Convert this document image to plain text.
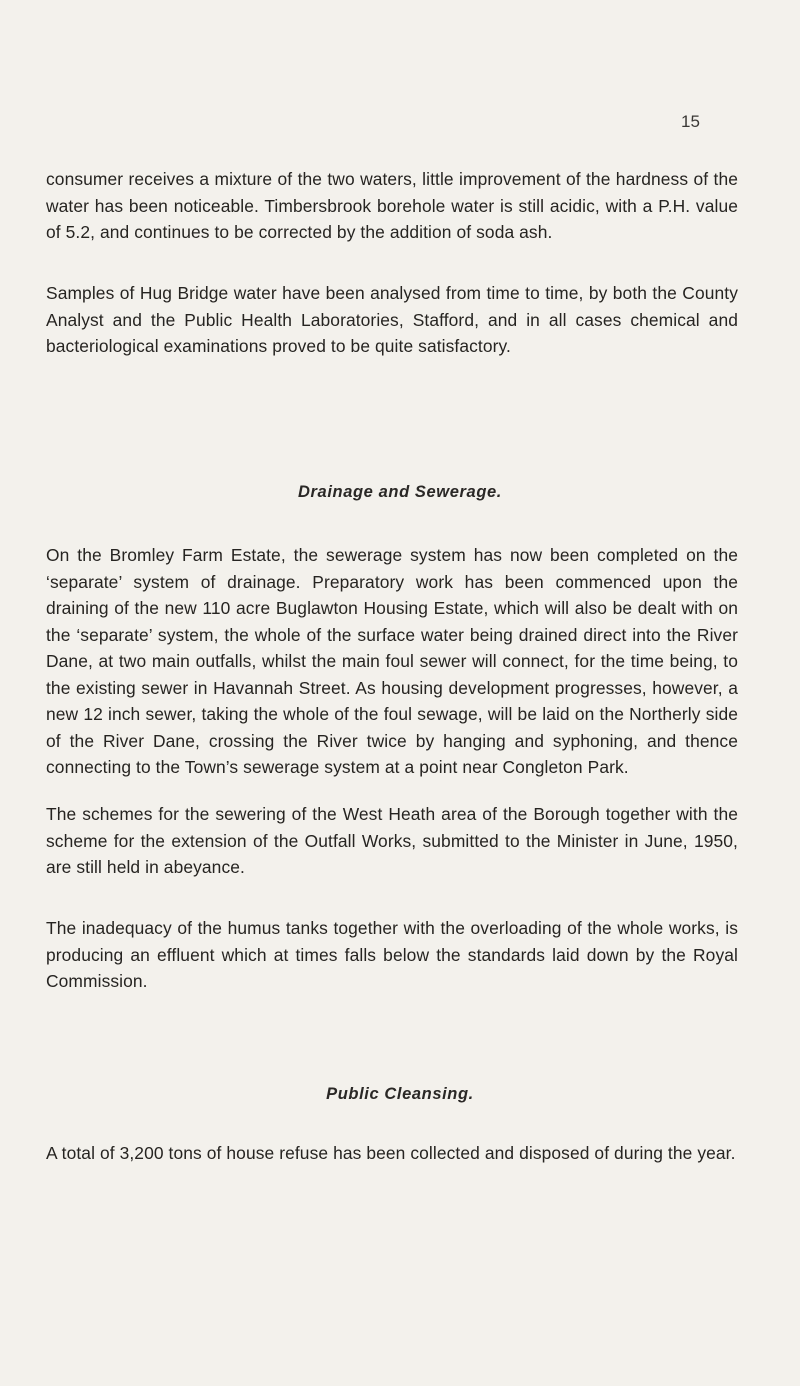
15

consumer receives a mixture of the two waters, little improvement of the hardness of the water has been noticeable. Timbersbrook borehole water is still acidic, with a P.H. value of 5.2, and continues to be corrected by the addition of soda ash.

Samples of Hug Bridge water have been analysed from time to time, by both the County Analyst and the Public Health Laboratories, Stafford, and in all cases chemical and bacteriological examinations proved to be quite satisfactory.

Drainage and Sewerage.

On the Bromley Farm Estate, the sewerage system has now been completed on the ‘separate’ system of drainage. Preparatory work has been commenced upon the draining of the new 110 acre Buglawton Housing Estate, which will also be dealt with on the ‘separate’ system, the whole of the surface water being drained direct into the River Dane, at two main outfalls, whilst the main foul sewer will connect, for the time being, to the existing sewer in Havannah Street. As housing development progresses, however, a new 12 inch sewer, taking the whole of the foul sewage, will be laid on the Northerly side of the River Dane, crossing the River twice by hanging and syphoning, and thence connecting to the Town’s sewerage system at a point near Congleton Park.

The schemes for the sewering of the West Heath area of the Borough together with the scheme for the extension of the Outfall Works, submitted to the Minister in June, 1950, are still held in abeyance.

The inadequacy of the humus tanks together with the overloading of the whole works, is producing an effluent which at times falls below the standards laid down by the Royal Commission.

Public Cleansing.

A total of 3,200 tons of house refuse has been collected and disposed of during the year.
